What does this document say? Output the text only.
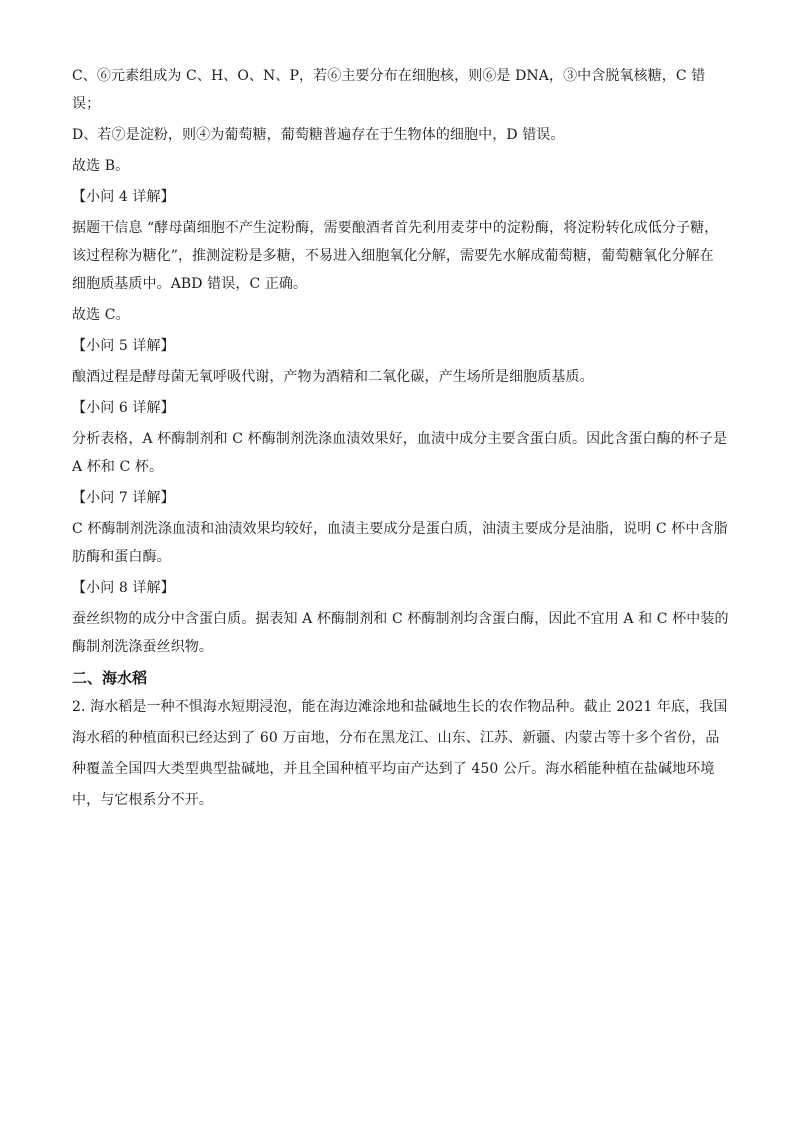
C、⑥元素组成为 C、H、O、N、P，若⑥主要分布在细胞核，则⑥是 DNA，③中含脱氧核糖，C 错
误；
D、若⑦是淀粉，则④为葡萄糖，葡萄糖普遍存在于生物体的细胞中，D 错误。
故选 B。
【小问 4 详解】
据题干信息 “酵母菌细胞不产生淀粉酶，需要酿酒者首先利用麦芽中的淀粉酶，将淀粉转化成低分子糖，
该过程称为糖化”，推测淀粉是多糖，不易进入细胞氧化分解，需要先水解成葡萄糖，葡萄糖氧化分解在
细胞质基质中。ABD 错误，C 正确。
故选 C。
【小问 5 详解】
酿酒过程是酵母菌无氧呼吸代谢，产物为酒精和二氧化碳，产生场所是细胞质基质。
【小问 6 详解】
分析表格，A 杯酶制剂和 C 杯酶制剂洗涤血渍效果好，血渍中成分主要含蛋白质。因此含蛋白酶的杯子是
A 杯和 C 杯。
【小问 7 详解】
C 杯酶制剂洗涤血渍和油渍效果均较好，血渍主要成分是蛋白质，油渍主要成分是油脂，说明 C 杯中含脂
肪酶和蛋白酶。
【小问 8 详解】
蚕丝织物的成分中含蛋白质。据表知 A 杯酶制剂和 C 杯酶制剂均含蛋白酶，因此不宜用 A 和 C 杯中装的
酶制剂洗涤蚕丝织物。
二、海水稻
2. 海水稻是一种不惧海水短期浸泡，能在海边滩涂地和盐碱地生长的农作物品种。截止 2021 年底，我国
海水稻的种植面积已经达到了 60 万亩地，分布在黑龙江、山东、江苏、新疆、内蒙古等十多个省份，品
种覆盖全国四大类型典型盐碱地，并且全国种植平均亩产达到了 450 公斤。海水稻能种植在盐碱地环境
中，与它根系分不开。
